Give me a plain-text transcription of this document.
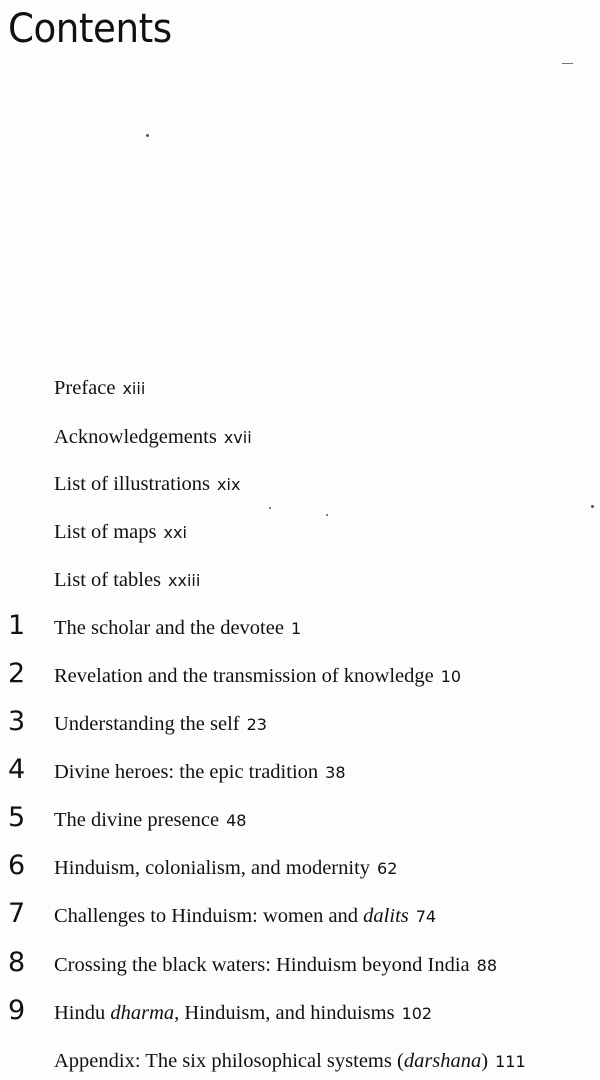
Contents
Preface xiii
Acknowledgements xvii
List of illustrations xix
List of maps xxi
List of tables xxiii
1 The scholar and the devotee 1
2 Revelation and the transmission of knowledge 10
3 Understanding the self 23
4 Divine heroes: the epic tradition 38
5 The divine presence 48
6 Hinduism, colonialism, and modernity 62
7 Challenges to Hinduism: women and dalits 74
8 Crossing the black waters: Hinduism beyond India 88
9 Hindu dharma, Hinduism, and hinduisms 102
Appendix: The six philosophical systems (darshana) 111
